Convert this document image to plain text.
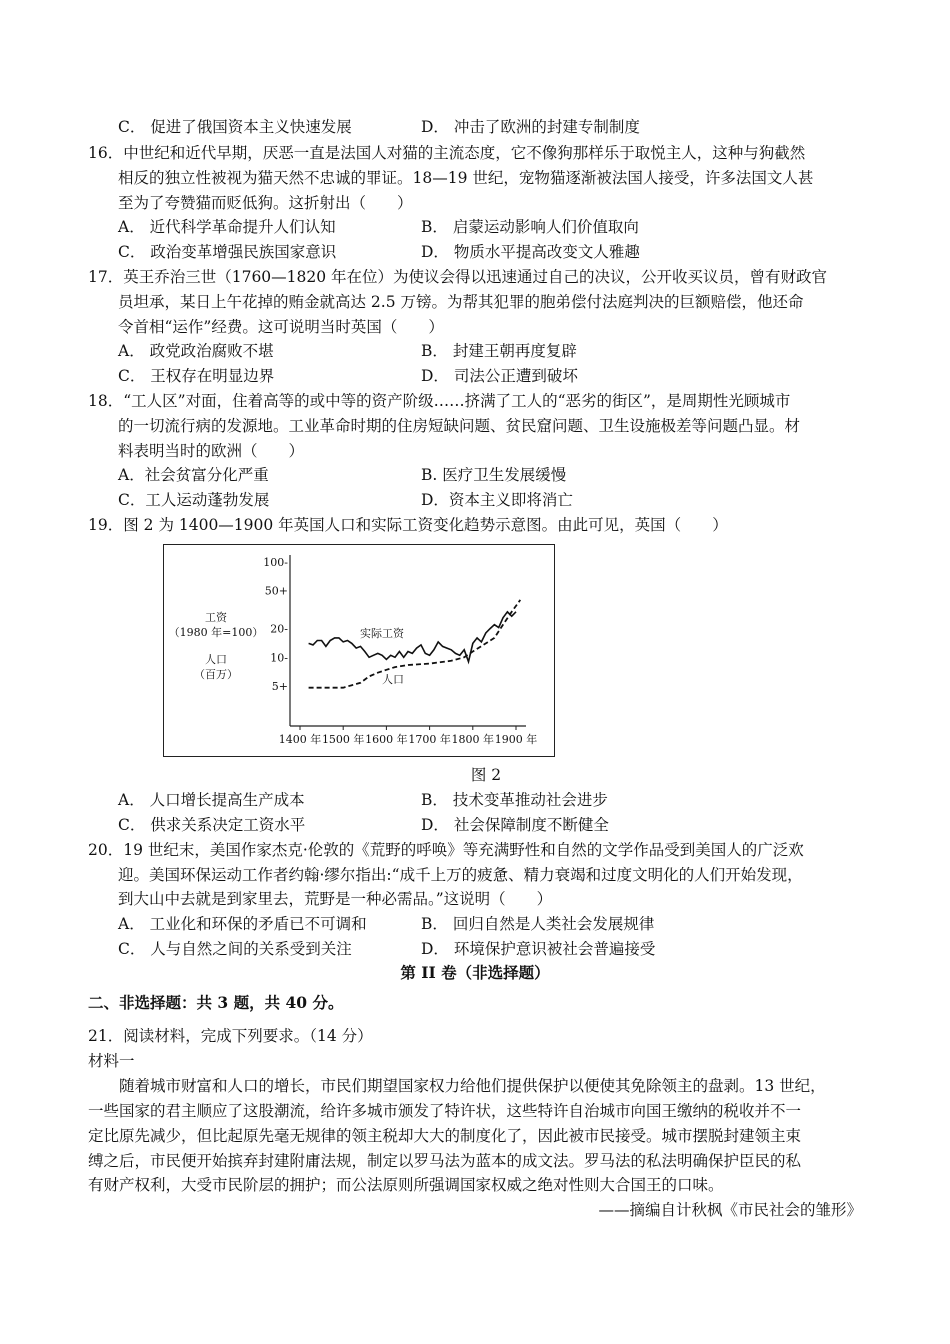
C． 促进了俄国资本主义快速发展	D． 冲击了欧洲的封建专制制度
16．中世纪和近代早期，厌恶一直是法国人对猫的主流态度，它不像狗那样乐于取悦主人，这种与狗截然
相反的独立性被视为猫天然不忠诚的罪证。18—19 世纪，宠物猫逐渐被法国人接受，许多法国文人甚
至为了夸赞猫而贬低狗。这折射出（　　）
A． 近代科学革命提升人们认知	B． 启蒙运动影响人们价值取向
C． 政治变革增强民族国家意识	D． 物质水平提高改变文人雅趣
17．英王乔治三世（1760—1820 年在位）为使议会得以迅速通过自己的决议，公开收买议员，曾有财政官
员坦承，某日上午花掉的贿金就高达 2.5 万镑。为帮其犯罪的胞弟偿付法庭判决的巨额赔偿，他还命
令首相“运作”经费。这可说明当时英国（　　）
A． 政党政治腐败不堪	B． 封建王朝再度复辟
C． 王权存在明显边界	D． 司法公正遭到破坏
18．“工人区”对面，住着高等的或中等的资产阶级……挤满了工人的“恶劣的街区”，是周期性光顾城市
的一切流行病的发源地。工业革命时期的住房短缺问题、贫民窟问题、卫生设施极差等问题凸显。材
料表明当时的欧洲（　　）
A．社会贫富分化严重	B. 医疗卫生发展缓慢
C．工人运动蓬勃发展	D．资本主义即将消亡
19．图 2 为 1400—1900 年英国人口和实际工资变化趋势示意图。由此可见，英国（　　）
100-
50+
20-
10-
5+
1400 年 1500 年 1600 年 1700 年 1800 年 1900 年
工资
（1980 年=100）
人口
（百万）
实际工资
人口
图 2
A． 人口增长提高生产成本	B． 技术变革推动社会进步
C． 供求关系决定工资水平	D． 社会保障制度不断健全
20．19 世纪末，美国作家杰克·伦敦的《荒野的呼唤》等充满野性和自然的文学作品受到美国人的广泛欢
迎。美国环保运动工作者约翰·缪尔指出:“成千上万的疲惫、精力衰竭和过度文明化的人们开始发现，
到大山中去就是到家里去，荒野是一种必需品。”这说明（　　）
A． 工业化和环保的矛盾已不可调和	B． 回归自然是人类社会发展规律
C． 人与自然之间的关系受到关注	D． 环境保护意识被社会普遍接受
第 II 卷（非选择题）
二、非选择题：共 3 题，共 40 分。
21．阅读材料，完成下列要求。（14 分）
材料一
　　随着城市财富和人口的增长，市民们期望国家权力给他们提供保护以便使其免除领主的盘剥。13 世纪，
一些国家的君主顺应了这股潮流，给许多城市颁发了特许状，这些特许自治城市向国王缴纳的税收并不一
定比原先减少，但比起原先毫无规律的领主税却大大的制度化了，因此被市民接受。城市摆脱封建领主束
缚之后，市民便开始摈弃封建附庸法规，制定以罗马法为蓝本的成文法。罗马法的私法明确保护臣民的私
有财产权利，大受市民阶层的拥护；而公法原则所强调国家权威之绝对性则大合国王的口味。
——摘编自计秋枫《市民社会的雏形》
